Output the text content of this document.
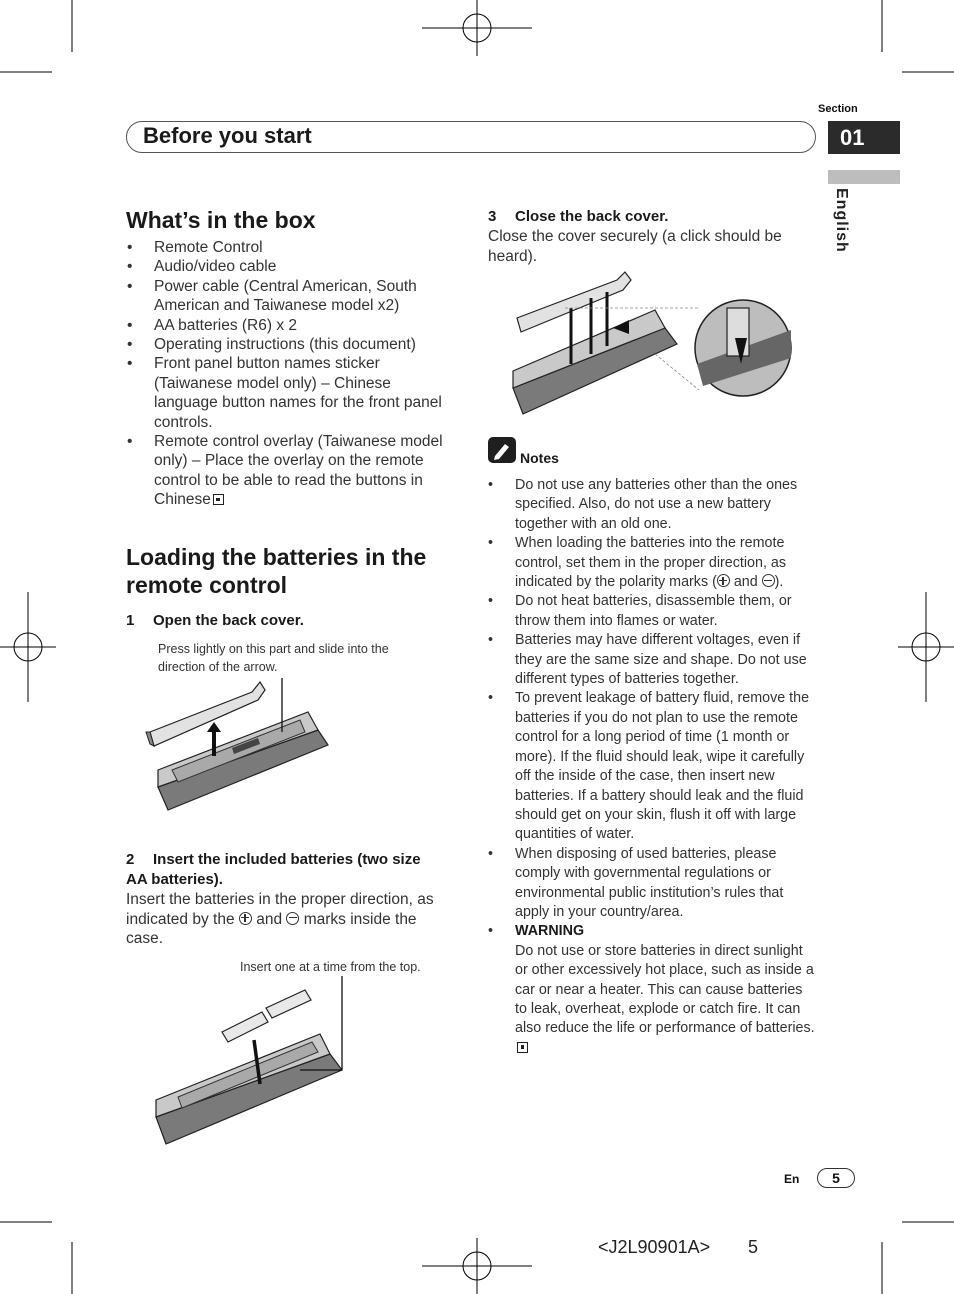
Section
01
English
Before you start
What’s in the box
• Remote Control
• Audio/video cable
• Power cable (Central American, South American and Taiwanese model x2)
• AA batteries (R6) x 2
• Operating instructions (this document)
• Front panel button names sticker (Taiwanese model only) – Chinese language button names for the front panel controls.
• Remote control overlay (Taiwanese model only) – Place the overlay on the remote control to be able to read the buttons in Chinese
Loading the batteries in the
remote control
1 Open the back cover.
Press lightly on this part and slide into the
direction of the arrow.
2 Insert the included batteries (two size
AA batteries).
Insert the batteries in the proper direction, as
indicated by the and marks inside the
case.
Insert one at a time from the top.
3 Close the back cover.
Close the cover securely (a click should be heard).
Notes
• Do not use any batteries other than the ones specified. Also, do not use a new battery together with an old one.
• When loading the batteries into the remote control, set them in the proper direction, as indicated by the polarity marks ( and ).
• Do not heat batteries, disassemble them, or throw them into flames or water.
• Batteries may have different voltages, even if they are the same size and shape. Do not use different types of batteries together.
• To prevent leakage of battery fluid, remove the batteries if you do not plan to use the remote control for a long period of time (1 month or more). If the fluid should leak, wipe it carefully off the inside of the case, then insert new batteries. If a battery should leak and the fluid should get on your skin, flush it off with large quantities of water.
• When disposing of used batteries, please comply with governmental regulations or environmental public institution’s rules that apply in your country/area.
• WARNING
Do not use or store batteries in direct sunlight or other excessively hot place, such as inside a car or near a heater. This can cause batteries to leak, overheat, explode or catch fire. It can also reduce the life or performance of batteries.
En	5
<J2L90901A> 5
